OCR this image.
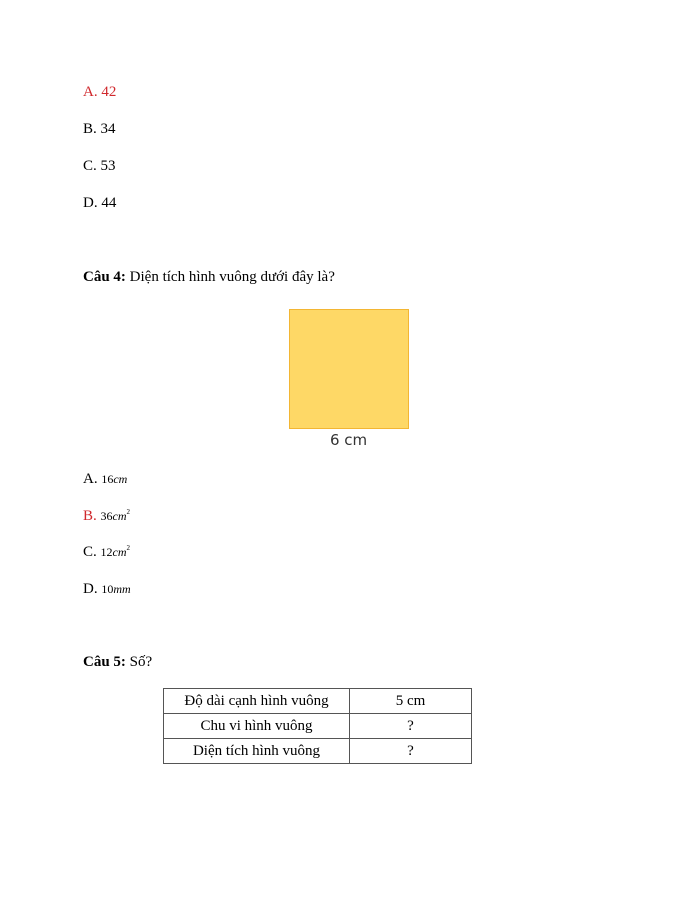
A. 42
B. 34
C. 53
D. 44
Câu 4: Diện tích hình vuông dưới đây là?
6 cm
A. 16cm
B. $36cm^2$
C. $12cm^2$
D. 10mm
Câu 5: Số?
Độ dài cạnh hình vuông	5 cm
Chu vi hình vuông	?
Diện tích hình vuông	?
